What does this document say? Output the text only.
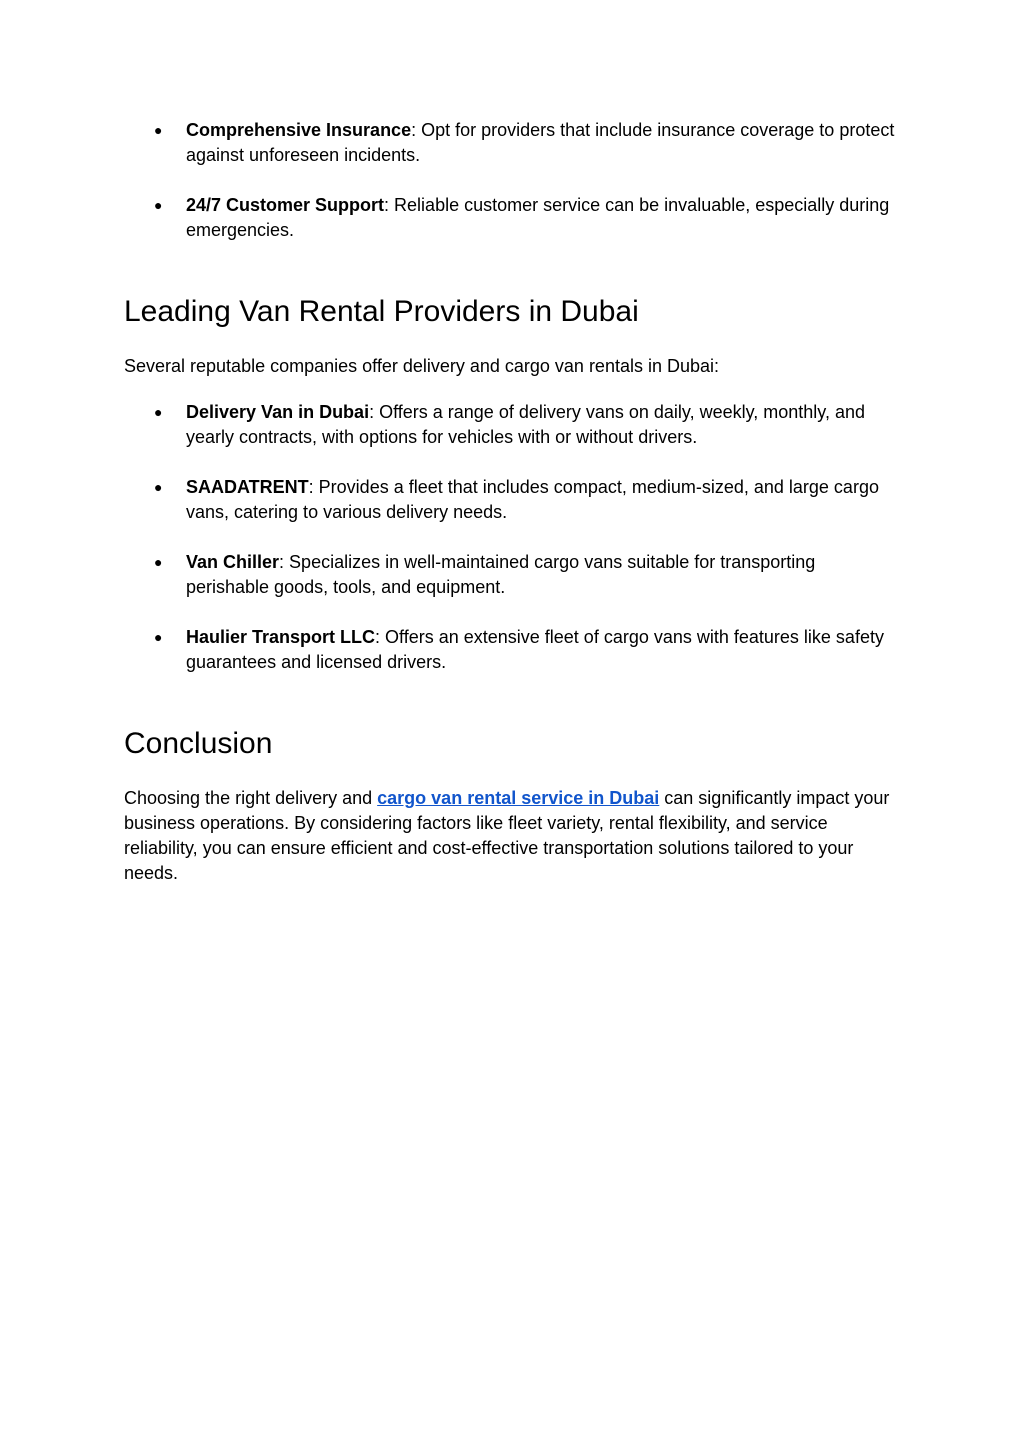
● Comprehensive Insurance: Opt for providers that include insurance coverage to protect against unforeseen incidents.
● 24/7 Customer Support: Reliable customer service can be invaluable, especially during emergencies.
Leading Van Rental Providers in Dubai

Several reputable companies offer delivery and cargo van rentals in Dubai:

● Delivery Van in Dubai: Offers a range of delivery vans on daily, weekly, monthly, and yearly contracts, with options for vehicles with or without drivers.
● SAADATRENT: Provides a fleet that includes compact, medium-sized, and large cargo vans, catering to various delivery needs.
● Van Chiller: Specializes in well-maintained cargo vans suitable for transporting perishable goods, tools, and equipment.
● Haulier Transport LLC: Offers an extensive fleet of cargo vans with features like safety guarantees and licensed drivers.
Conclusion

Choosing the right delivery and cargo van rental service in Dubai can significantly impact your business operations. By considering factors like fleet variety, rental flexibility, and service reliability, you can ensure efficient and cost-effective transportation solutions tailored to your needs.
